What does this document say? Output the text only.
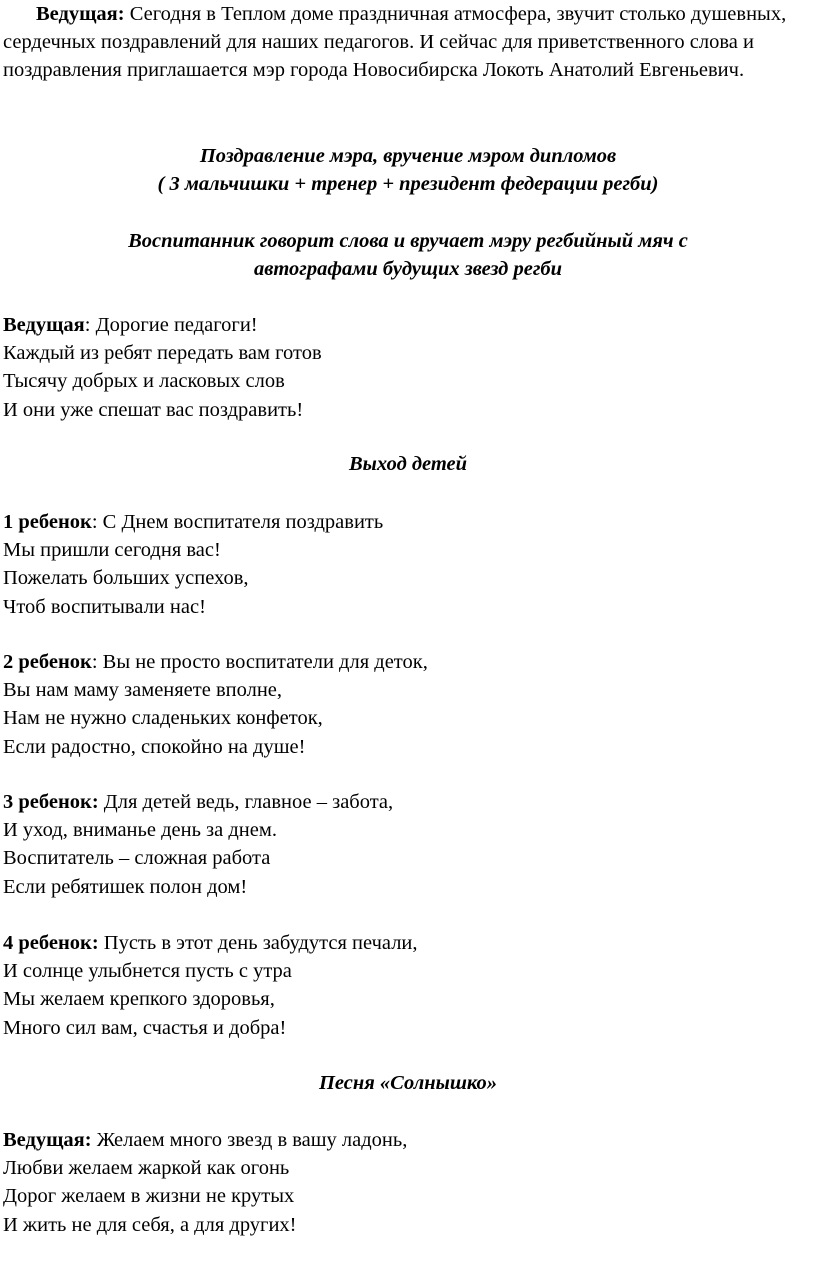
Ведущая: Сегодня в Теплом доме праздничная атмосфера, звучит столько душевных, сердечных поздравлений для наших педагогов. И сейчас для приветственного слова и поздравления приглашается мэр города Новосибирска Локоть Анатолий Евгеньевич.
Поздравление мэра, вручение мэром дипломов
( 3 мальчишки + тренер + президент федерации регби)
Воспитанник говорит слова и вручает мэру регбийный мяч с
автографами будущих звезд регби
Ведущая: Дорогие педагоги!
Каждый из ребят передать вам готов
Тысячу добрых и ласковых слов
И они уже спешат вас поздравить!
Выход детей
1 ребенок: С Днем воспитателя поздравить
Мы пришли сегодня вас!
Пожелать больших успехов,
Чтоб воспитывали нас!
2 ребенок: Вы не просто воспитатели для деток,
Вы нам маму заменяете вполне,
Нам не нужно сладеньких конфеток,
Если радостно, спокойно на душе!
3 ребенок: Для детей ведь, главное – забота,
И уход, вниманье день за днем.
Воспитатель – сложная работа
Если ребятишек полон дом!
4 ребенок: Пусть в этот день забудутся печали,
И солнце улыбнется пусть с утра
Мы желаем крепкого здоровья,
Много сил вам, счастья и добра!
Песня «Солнышко»
Ведущая: Желаем много звезд в вашу ладонь,
Любви желаем жаркой как огонь
Дорог желаем в жизни не крутых
И жить не для себя, а для других!
